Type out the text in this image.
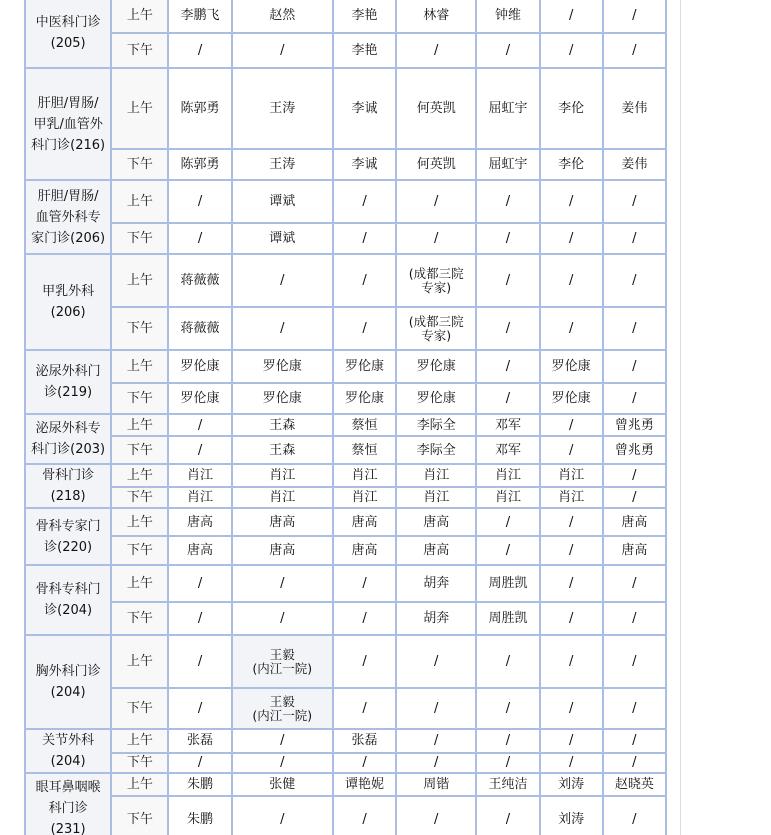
中医科门诊
(205)	上午	李鹏飞	赵然	李艳	林睿	钟维	/	/

	下午	/	/	李艳	/	/	/	/

肝胆/胃肠/
甲乳/血管外
科门诊(216)	上午	陈郭勇	王涛	李诚	何英凯	屈虹宇	李伦	姜伟

	下午	陈郭勇	王涛	李诚	何英凯	屈虹宇	李伦	姜伟

肝胆/胃肠/
血管外科专
家门诊(206)	上午	/	谭斌	/	/	/	/	/

	下午	/	谭斌	/	/	/	/	/

甲乳外科
(206)	上午	蒋薇薇	/	/	(成都三院
专家)	/	/	/

	下午	蒋薇薇	/	/	(成都三院
专家)	/	/	/

泌尿外科门
诊(219)	上午	罗伦康	罗伦康	罗伦康	罗伦康	/	罗伦康	/

	下午	罗伦康	罗伦康	罗伦康	罗伦康	/	罗伦康	/

泌尿外科专
科门诊(203)	上午	/	王森	蔡恒	李际全	邓军	/	曾兆勇

	下午	/	王森	蔡恒	李际全	邓军	/	曾兆勇

骨科门诊
(218)	上午	肖江	肖江	肖江	肖江	肖江	肖江	/

	下午	肖江	肖江	肖江	肖江	肖江	肖江	/

骨科专家门
诊(220)	上午	唐高	唐高	唐高	唐高	/	/	唐高

	下午	唐高	唐高	唐高	唐高	/	/	唐高

骨科专科门
诊(204)	上午	/	/	/	胡奔	周胜凯	/	/

	下午	/	/	/	胡奔	周胜凯	/	/

胸外科门诊
(204)	上午	/	王毅
(内江一院)	/	/	/	/	/

	下午	/	王毅
(内江一院)	/	/	/	/	/

关节外科
(204)	上午	张磊	/	张磊	/	/	/	/

	下午	/	/	/	/	/	/	/

眼耳鼻咽喉
科门诊
(231)	上午	朱鹏	张健	谭艳妮	周锴	王纯洁	刘涛	赵晓英

	下午	朱鹏	/	/	/	/	刘涛	/
